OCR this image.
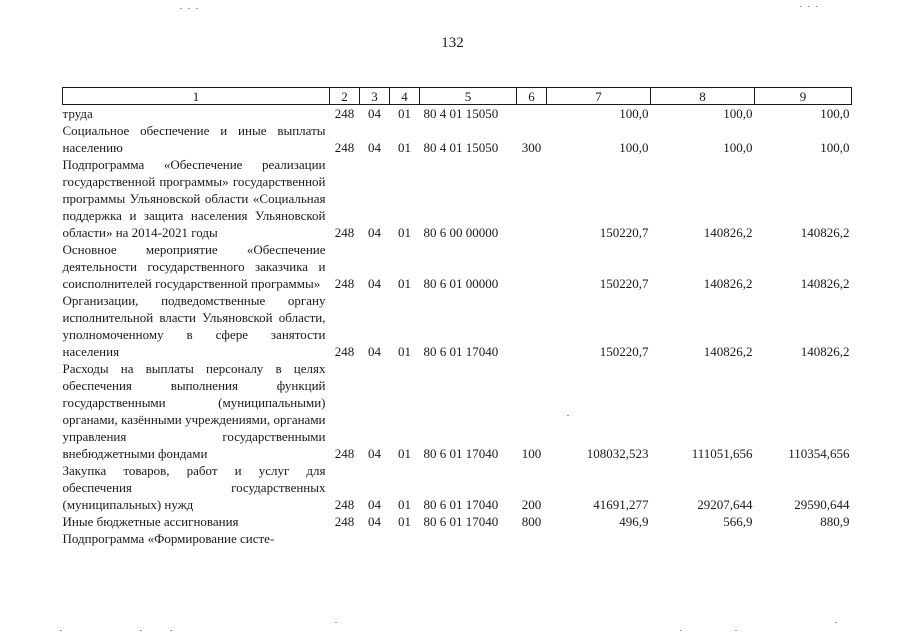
132
1	2	3	4	5	6	7	8	9
труда	248	04	01	80 4 01 15050		100,0	100,0	100,0
Социальное обеспечение и иные выплаты населению	248	04	01	80 4 01 15050	300	100,0	100,0	100,0
Подпрограмма «Обеспечение реализации государственной программы» государственной программы Ульяновской области «Социальная поддержка и защита населения Ульяновской области» на 2014-2021 годы	248	04	01	80 6 00 00000		150220,7	140826,2	140826,2
Основное мероприятие «Обеспечение деятельности государственного заказчика и соисполнителей государственной программы»	248	04	01	80 6 01 00000		150220,7	140826,2	140826,2
Организации, подведомственные органу исполнительной власти Ульяновской области, уполномоченному в сфере занятости населения	248	04	01	80 6 01 17040		150220,7	140826,2	140826,2
Расходы на выплаты персоналу в целях обеспечения выполнения функций государственными (муниципальными) органами, казёнными учреждениями, органами управления государственными внебюджетными фондами	248	04	01	80 6 01 17040	100	108032,523	111051,656	110354,656
Закупка товаров, работ и услуг для обеспечения государственных (муниципальных) нужд	248	04	01	80 6 01 17040	200	41691,277	29207,644	29590,644
Иные бюджетные ассигнования	248	04	01	80 6 01 17040	800	496,9	566,9	880,9
Подпрограмма «Формирование систе-								
